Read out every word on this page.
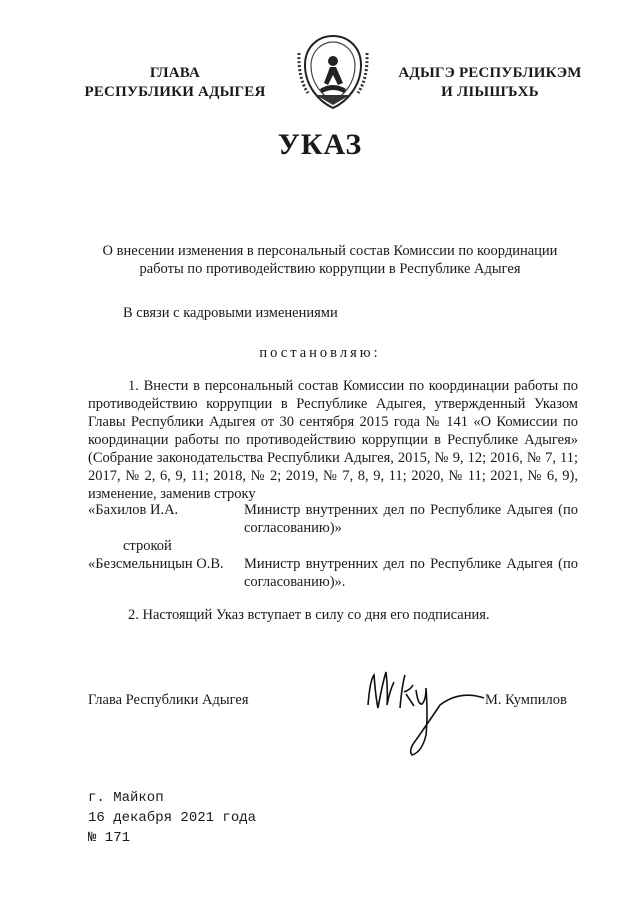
ГЛАВА
РЕСПУБЛИКИ АДЫГЕЯ
АДЫГЭ РЕСПУБЛИКЭМ
И ЛІЫШЪХЬ
УКАЗ
О внесении изменения в персональный состав Комиссии по координации работы по противодействию коррупции в Республике Адыгея
В связи с кадровыми изменениями
постановляю:
1. Внести в персональный состав Комиссии по координации работы по противодействию коррупции в Республике Адыгея, утвержденный Указом Главы Республики Адыгея от 30 сентября 2015 года № 141 «О Комиссии по координации работы по противодействию коррупции в Республике Адыгея» (Собрание законодательства Республики Адыгея, 2015, № 9, 12; 2016, № 7, 11; 2017, № 2, 6, 9, 11; 2018, № 2; 2019, № 7, 8, 9, 11; 2020, № 11; 2021, № 6, 9), изменение, заменив строку
«Бахилов И.А.	Министр внутренних дел по Республике Адыгея (по согласованию)»
строкой
«Безсмельницын О.В. Министр внутренних дел по Республике Адыгея (по согласованию)».
2. Настоящий Указ вступает в силу со дня его подписания.
Глава Республики Адыгея	М. Кумпилов
г. Майкоп
16 декабря 2021 года
№ 171
